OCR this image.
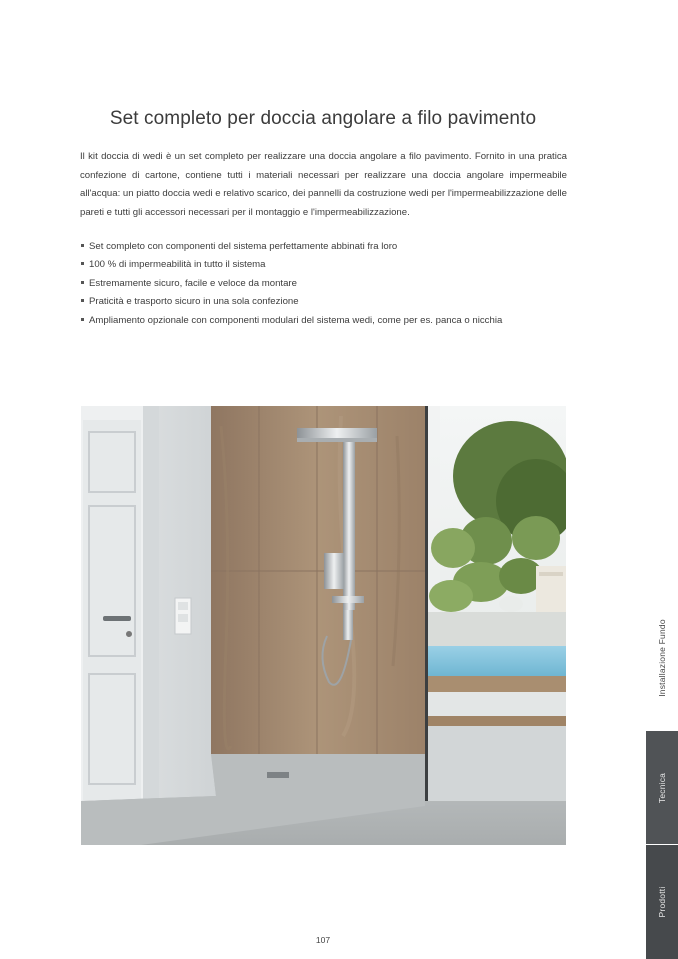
Set completo per doccia angolare a filo pavimento

Il kit doccia di wedi è un set completo per realizzare una doccia angolare a filo pavimento. Fornito in una pratica confezione di cartone, contiene tutti i materiali necessari per realizzare una doccia angolare impermeabile all'acqua: un piatto doccia wedi e relativo scarico, dei pannelli da costruzione wedi per l'impermeabilizzazione delle pareti e tutti gli accessori necessari per il montaggio e l'impermeabilizzazione.

Set completo con componenti del sistema perfettamente abbinati fra loro
100 % di impermeabilità in tutto il sistema
Estremamente sicuro, facile e veloce da montare
Praticità e trasporto sicuro in una sola confezione
Ampliamento opzionale con componenti modulari del sistema wedi, come per es. panca o nicchia
Installazione Fundo
Tecnica
Prodotti
107
